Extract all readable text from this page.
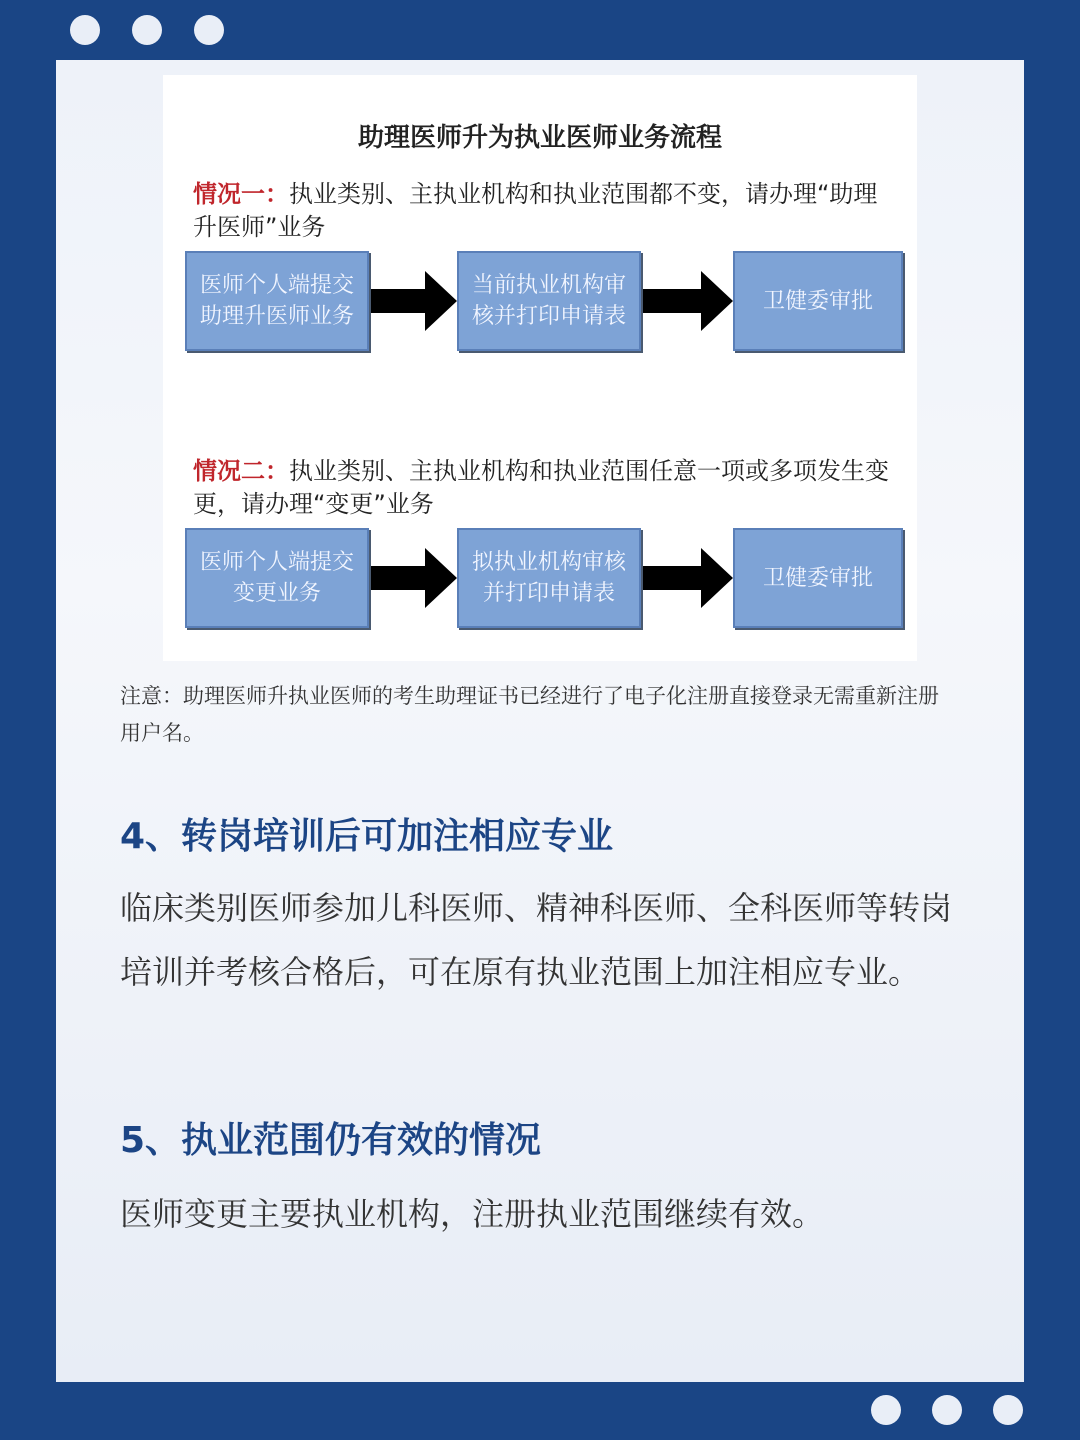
助理医师升为执业医师业务流程
情况一：执业类别、主执业机构和执业范围都不变，请办理“助理升医师”业务
医师个人端提交助理升医师业务
当前执业机构审核并打印申请表
卫健委审批
情况二：执业类别、主执业机构和执业范围任意一项或多项发生变更，请办理“变更”业务
医师个人端提交变更业务
拟执业机构审核并打印申请表
卫健委审批
注意：助理医师升执业医师的考生助理证书已经进行了电子化注册直接登录无需重新注册用户名。
4、转岗培训后可加注相应专业
临床类别医师参加儿科医师、精神科医师、全科医师等转岗培训并考核合格后，可在原有执业范围上加注相应专业。
5、执业范围仍有效的情况
医师变更主要执业机构，注册执业范围继续有效。
